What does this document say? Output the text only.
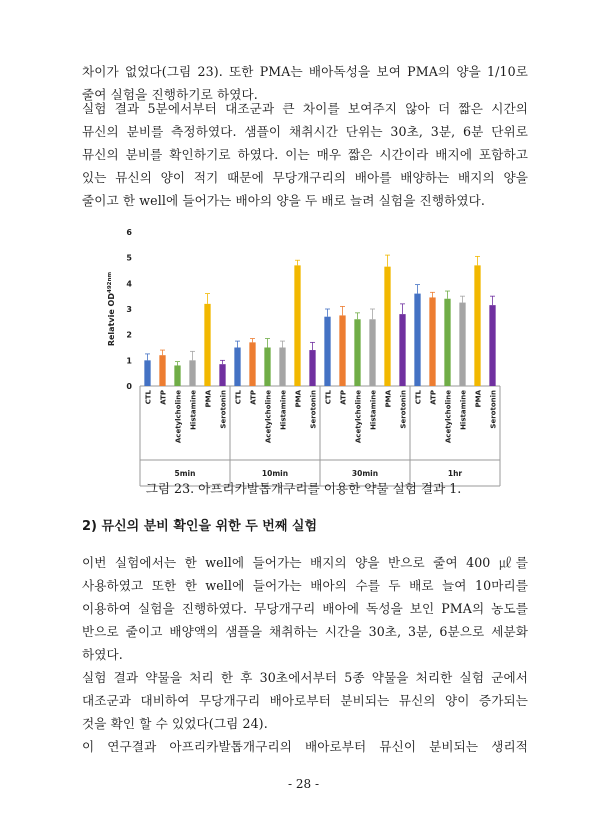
차이가 없었다(그림 23). 또한 PMA는 배아독성을 보여 PMA의 양을 1/10로
줄여 실험을 진행하기로 하였다.
실험 결과 5분에서부터 대조군과 큰 차이를 보여주지 않아 더 짧은 시간의
뮤신의 분비를 측정하였다. 샘플이 채취시간 단위는 30초, 3분, 6분 단위로
뮤신의 분비를 확인하기로 하였다. 이는 매우 짧은 시간이라 배지에 포함하고
있는 뮤신의 양이 적기 때문에 무당개구리의 배아를 배양하는 배지의 양을
줄이고 한 well에 들어가는 배아의 양을 두 배로 늘려 실험을 진행하였다.
0
1
2
3
4
5
6
Relatvie $OD^{492nm}$
5min
CTL ATP Acetylcholine Histamine PMA Serotonin
10min
CTL ATP Acetylcholine Histamine PMA Serotonin
30min
CTL ATP Acetylcholine Histamine PMA Serotonin
1hr
CTL ATP Acetylcholine Histamine PMA Serotonin

그림 23. 아프리카발톱개구리를 이용한 약물 실험 결과 1.

2) 뮤신의 분비 확인을 위한 두 번째 실험

이번 실험에서는 한 well에 들어가는 배지의 양을 반으로 줄여 400 ㎕를
사용하였고 또한 한 well에 들어가는 배아의 수를 두 배로 늘여 10마리를
이용하여 실험을 진행하였다. 무당개구리 배아에 독성을 보인 PMA의 농도를
반으로 줄이고 배양액의 샘플을 채취하는 시간을 30초, 3분, 6분으로 세분화
하였다.
실험 결과 약물을 처리 한 후 30초에서부터 5종 약물을 처리한 실험 군에서
대조군과 대비하여 무당개구리 배아로부터 분비되는 뮤신의 양이 증가되는
것을 확인 할 수 있었다(그림 24).
이 연구결과 아프리카발톱개구리의 배아로부터 뮤신이 분비되는 생리적

- 28 -
